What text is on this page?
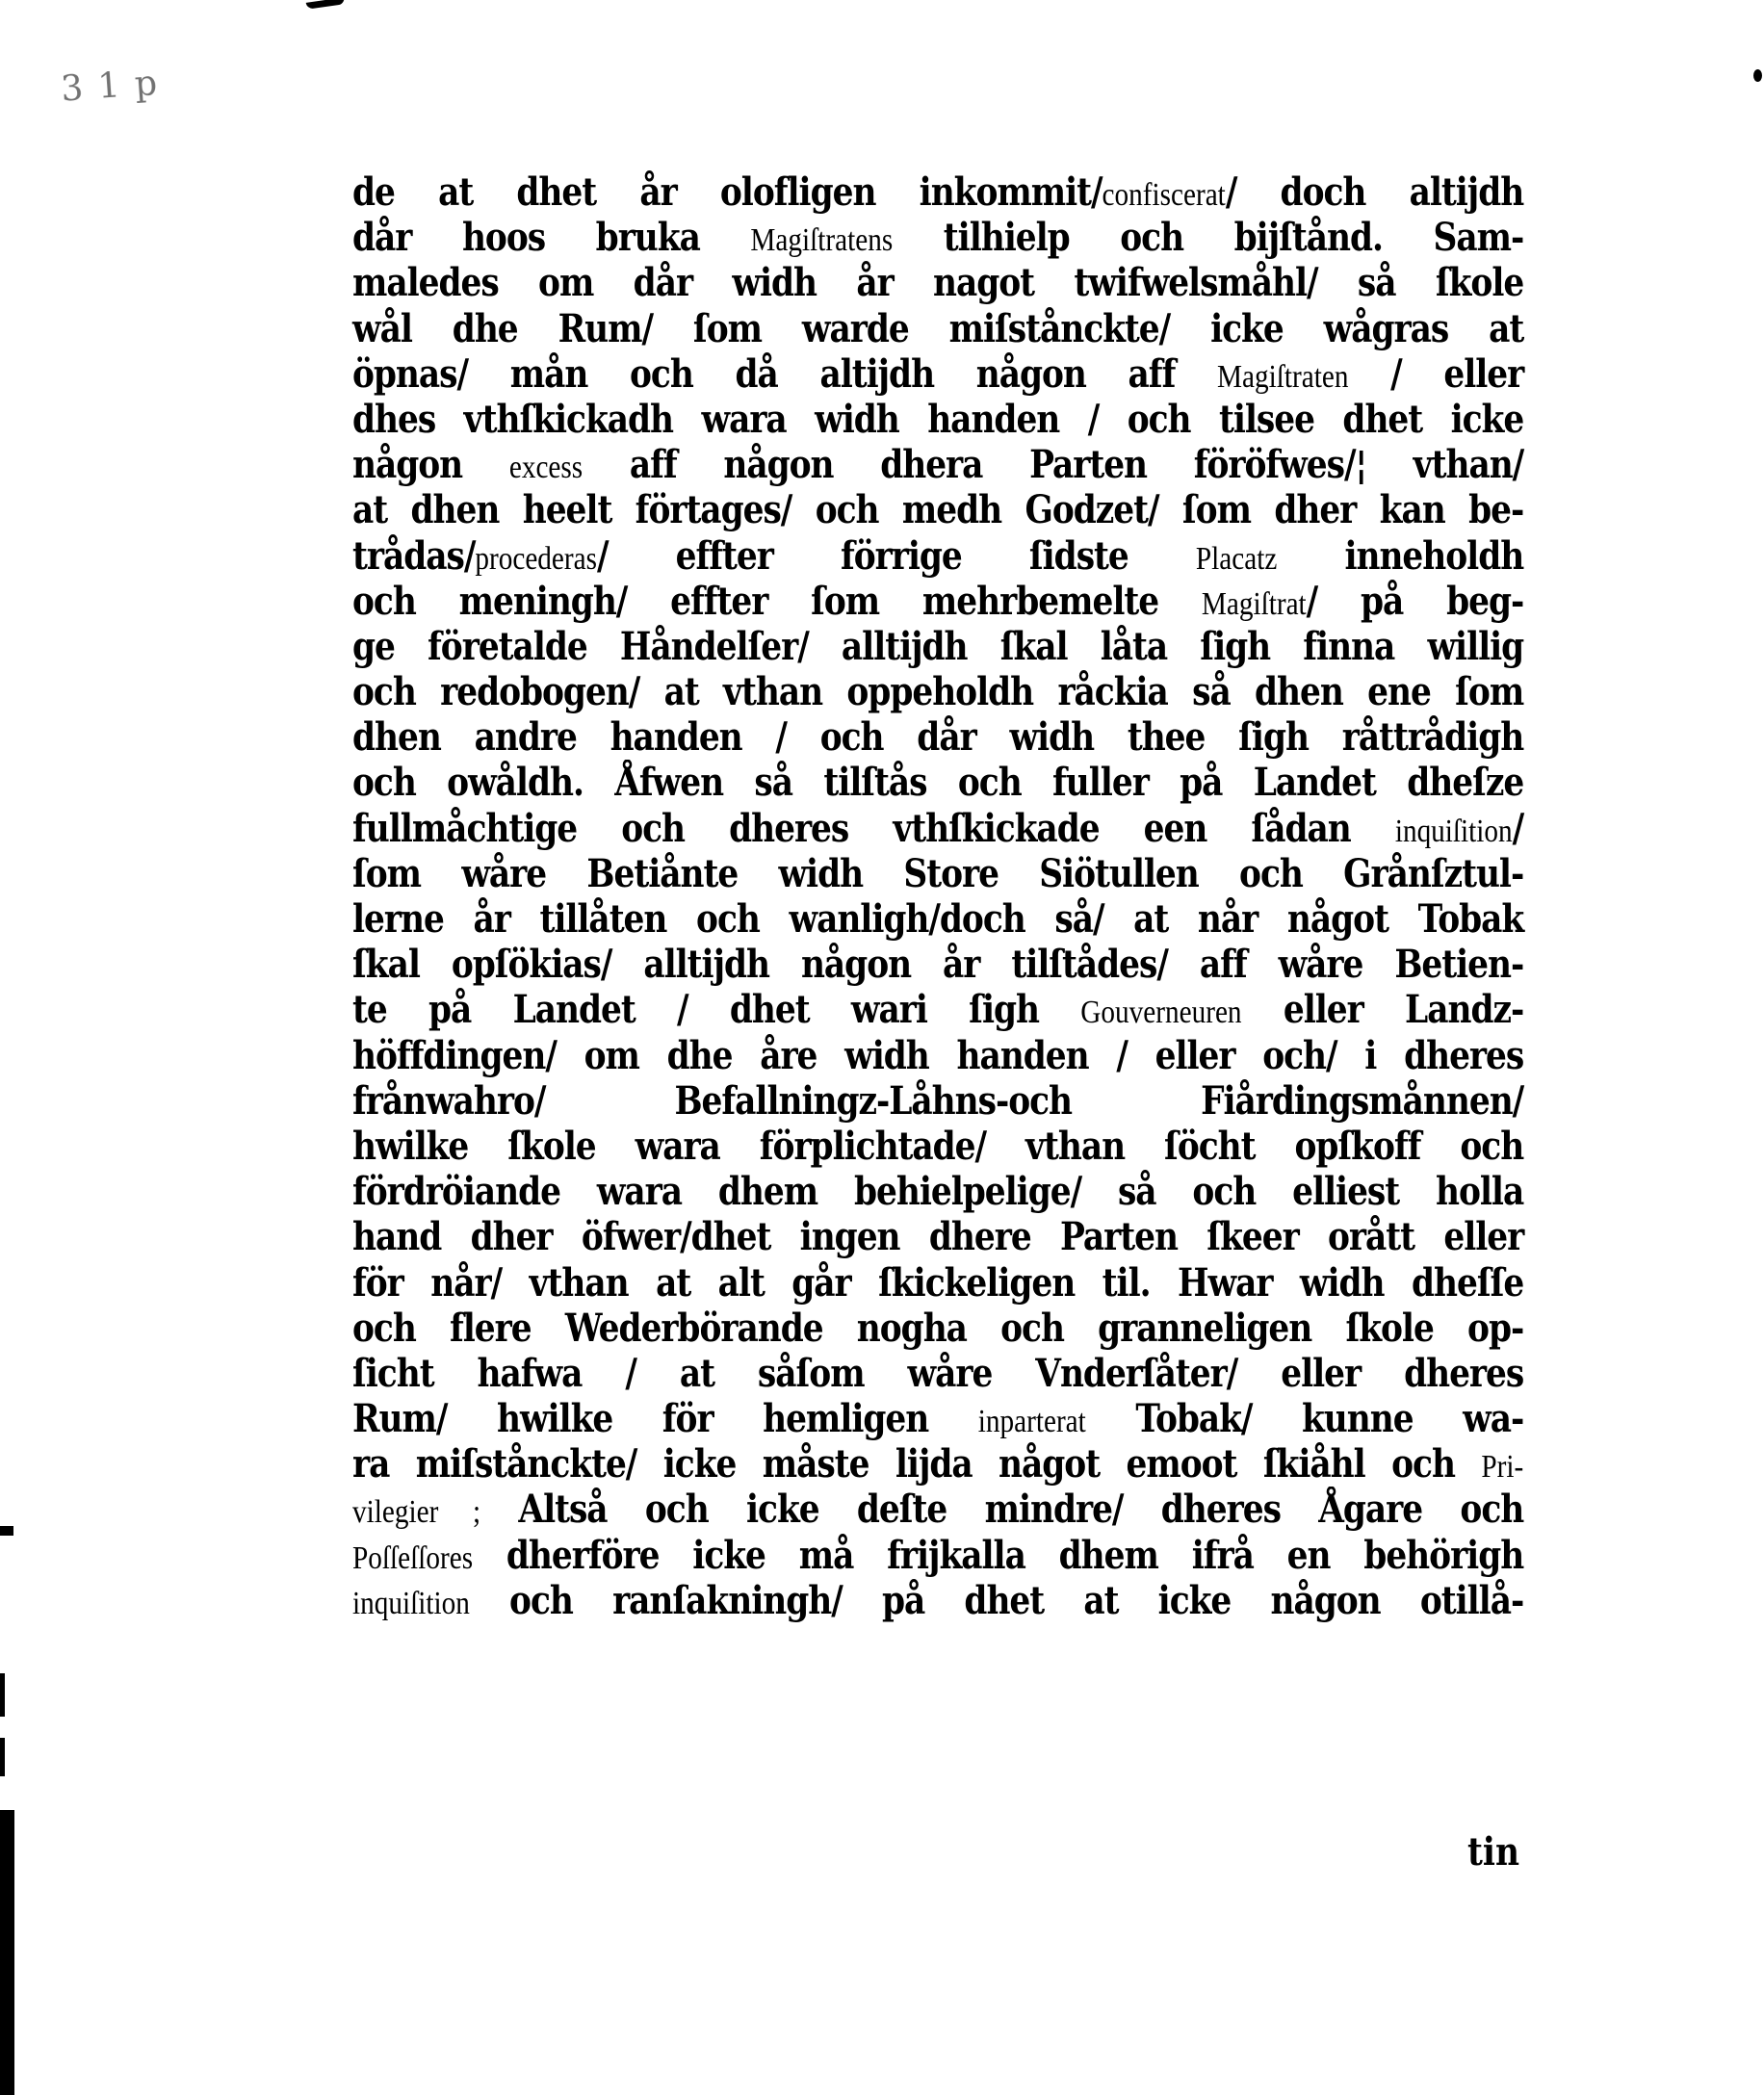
3 1 p
de at dhet år olofligen inkommit/confiscerat/ doch altijdh
dår hoos bruka Magiſtratens tilhielp och bijſtånd. Sam-
maledes om dår widh år nagot twifwelsmåhl/ så ſkole
wål dhe Rum/ ſom warde miſstånckte/ icke wågras at
öpnas/ mån och då altijdh någon aff Magiſtraten / eller
dhes vthſkickadh wara widh handen / och tilsee dhet icke
någon excess aff någon dhera Parten föröfwes/¦ vthan/
at dhen heelt förtages/ och medh Godzet/ ſom dher kan be-
trådas/procederas/ effter förrige ſidste Placatz inneholdh
och meningh/ effter ſom mehrbemelte Magiſtrat/ på beg-
ge företalde Håndelſer/ alltijdh ſkal låta ſigh finna willig
och redobogen/ at vthan oppeholdh råckia så dhen ene ſom
dhen andre handen / och dår widh thee ſigh råttrådigh
och owåldh. Åfwen så tilſtås och fuller på Landet dheſze
fullmåchtige och dheres vthſkickade een ſådan inquiſition/
ſom wåre Betiånte widh Store Siötullen och Grånſztul-
lerne år tillåten och wanligh/doch så/ at når något Tobak
ſkal opſökias/ alltijdh någon år tilſtådes/ aff wåre Betien-
te på Landet / dhet wari ſigh Gouverneuren eller Landz-
höffdingen/ om dhe åre widh handen / eller och/ i dheres
frånwahro/ Befallningz-Låhns-och Fiårdingsmånnen/
hwilke ſkole wara förplichtade/ vthan ſöcht opſkoff och
fördröiande wara dhem behielpelige/ så och elliest holla
hand dher öfwer/dhet ingen dhere Parten ſkeer orått eller
för når/ vthan at alt går ſkickeligen til. Hwar widh dheſſe
och flere Wederbörande nogha och granneligen ſkole op-
ſicht hafwa / at såſom wåre Vnderſåter/ eller dheres
Rum/ hwilke för hemligen inparterat Tobak/ kunne wa-
ra miſstånckte/ icke måste lijda något emoot ſkiåhl och Pri-
vilegier ; Altså och icke deſte mindre/ dheres Ågare och
Poſſeſſores dherföre icke må frijkalla dhem ifrå en behörigh
inquiſition och ranſakningh/ på dhet at icke någon otillå-
tin
